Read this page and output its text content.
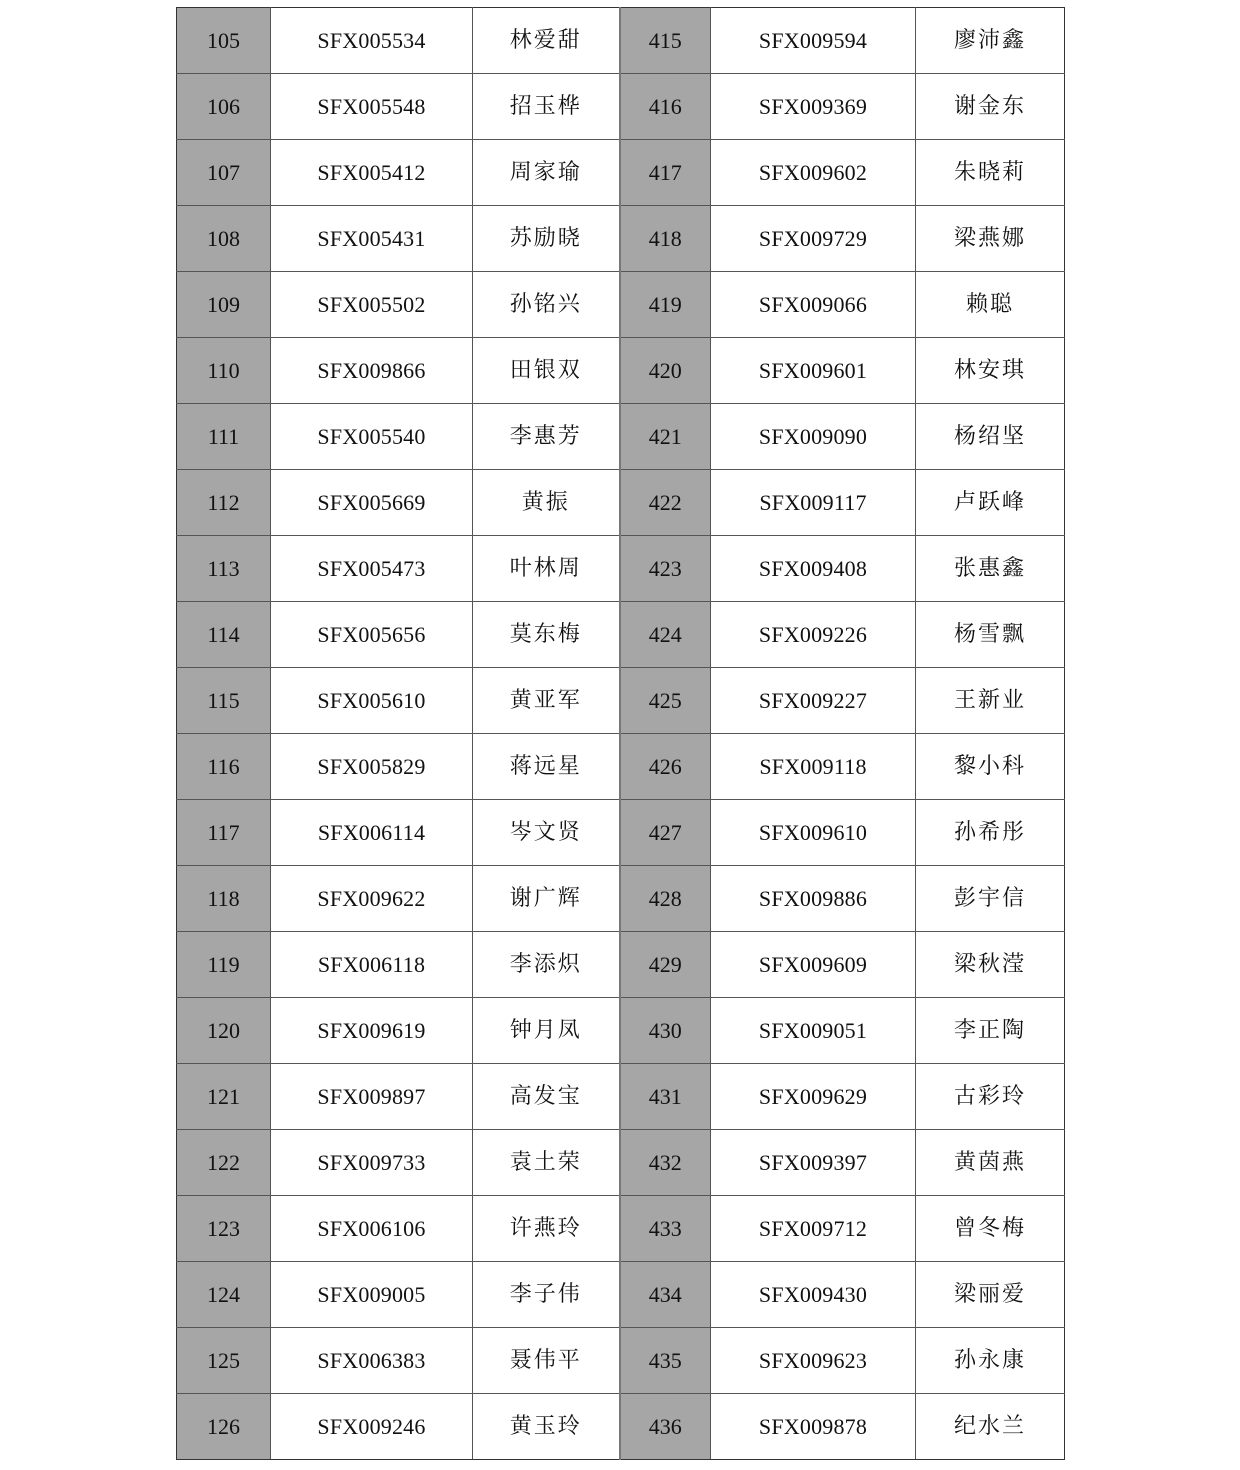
105	SFX005534	林爱甜	415	SFX009594	廖沛鑫
106	SFX005548	招玉桦	416	SFX009369	谢金东
107	SFX005412	周家瑜	417	SFX009602	朱晓莉
108	SFX005431	苏励晓	418	SFX009729	梁燕娜
109	SFX005502	孙铭兴	419	SFX009066	赖聪
110	SFX009866	田银双	420	SFX009601	林安琪
111	SFX005540	李惠芳	421	SFX009090	杨绍坚
112	SFX005669	黄振	422	SFX009117	卢跃峰
113	SFX005473	叶林周	423	SFX009408	张惠鑫
114	SFX005656	莫东梅	424	SFX009226	杨雪飘
115	SFX005610	黄亚军	425	SFX009227	王新业
116	SFX005829	蒋远星	426	SFX009118	黎小科
117	SFX006114	岑文贤	427	SFX009610	孙希彤
118	SFX009622	谢广辉	428	SFX009886	彭宇信
119	SFX006118	李添炽	429	SFX009609	梁秋滢
120	SFX009619	钟月凤	430	SFX009051	李正陶
121	SFX009897	高发宝	431	SFX009629	古彩玲
122	SFX009733	袁土荣	432	SFX009397	黄茵燕
123	SFX006106	许燕玲	433	SFX009712	曾冬梅
124	SFX009005	李子伟	434	SFX009430	梁丽爱
125	SFX006383	聂伟平	435	SFX009623	孙永康
126	SFX009246	黄玉玲	436	SFX009878	纪水兰
